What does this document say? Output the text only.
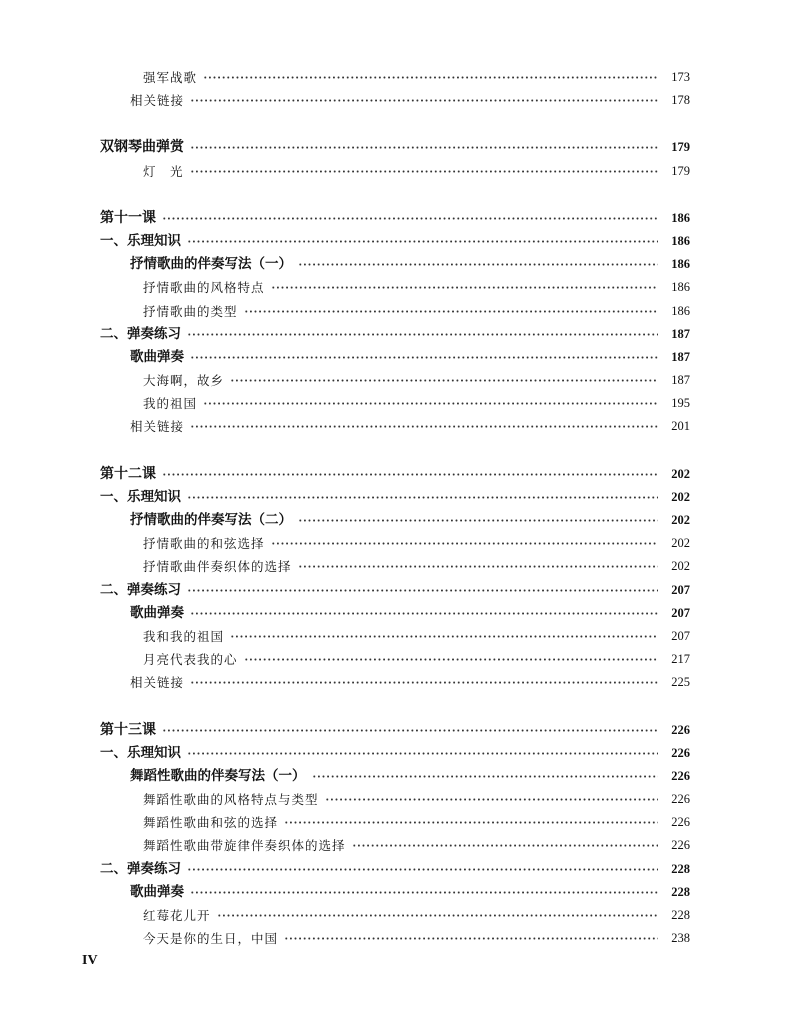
强军战歌	173
相关链接	178
双钢琴曲弹赏	179
灯　光	179
第十一课	186
一、乐理知识	186
抒情歌曲的伴奏写法（一）	186
抒情歌曲的风格特点	186
抒情歌曲的类型	186
二、弹奏练习	187
歌曲弹奏	187
大海啊，故乡	187
我的祖国	195
相关链接	201
第十二课	202
一、乐理知识	202
抒情歌曲的伴奏写法（二）	202
抒情歌曲的和弦选择	202
抒情歌曲伴奏织体的选择	202
二、弹奏练习	207
歌曲弹奏	207
我和我的祖国	207
月亮代表我的心	217
相关链接	225
第十三课	226
一、乐理知识	226
舞蹈性歌曲的伴奏写法（一）	226
舞蹈性歌曲的风格特点与类型	226
舞蹈性歌曲和弦的选择	226
舞蹈性歌曲带旋律伴奏织体的选择	226
二、弹奏练习	228
歌曲弹奏	228
红莓花儿开	228
今天是你的生日，中国	238
IV
